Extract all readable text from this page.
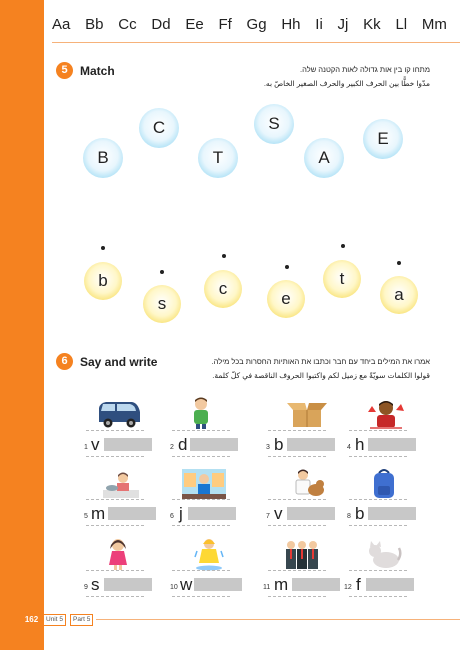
Aa Bb Cc Dd Ee Ff Gg Hh Ii Jj Kk Ll Mm
5	Match	מתחו קו בין אות גדולה לאות הקטנה שלה.
مدّوا خطًّا بين الحرف الكبير والحرف الصغير الخاصّ به.
B
C
T
S
A
E
b
s
c
e
t
a
6	Say and write	אמרו את המילים ביחד עם חבר וכתבו את האותיות החסרות בכל מילה.
قولوا الكلمات سويّةً مع زميل لكم واكتبوا الحروف الناقصة في كلّ كلمة.
1 v	2 d	3 b	4 h
5 m	6 j	7 v	8 b
9 s	10 w	11 m	12 f
162	Unit 5	Part 5
